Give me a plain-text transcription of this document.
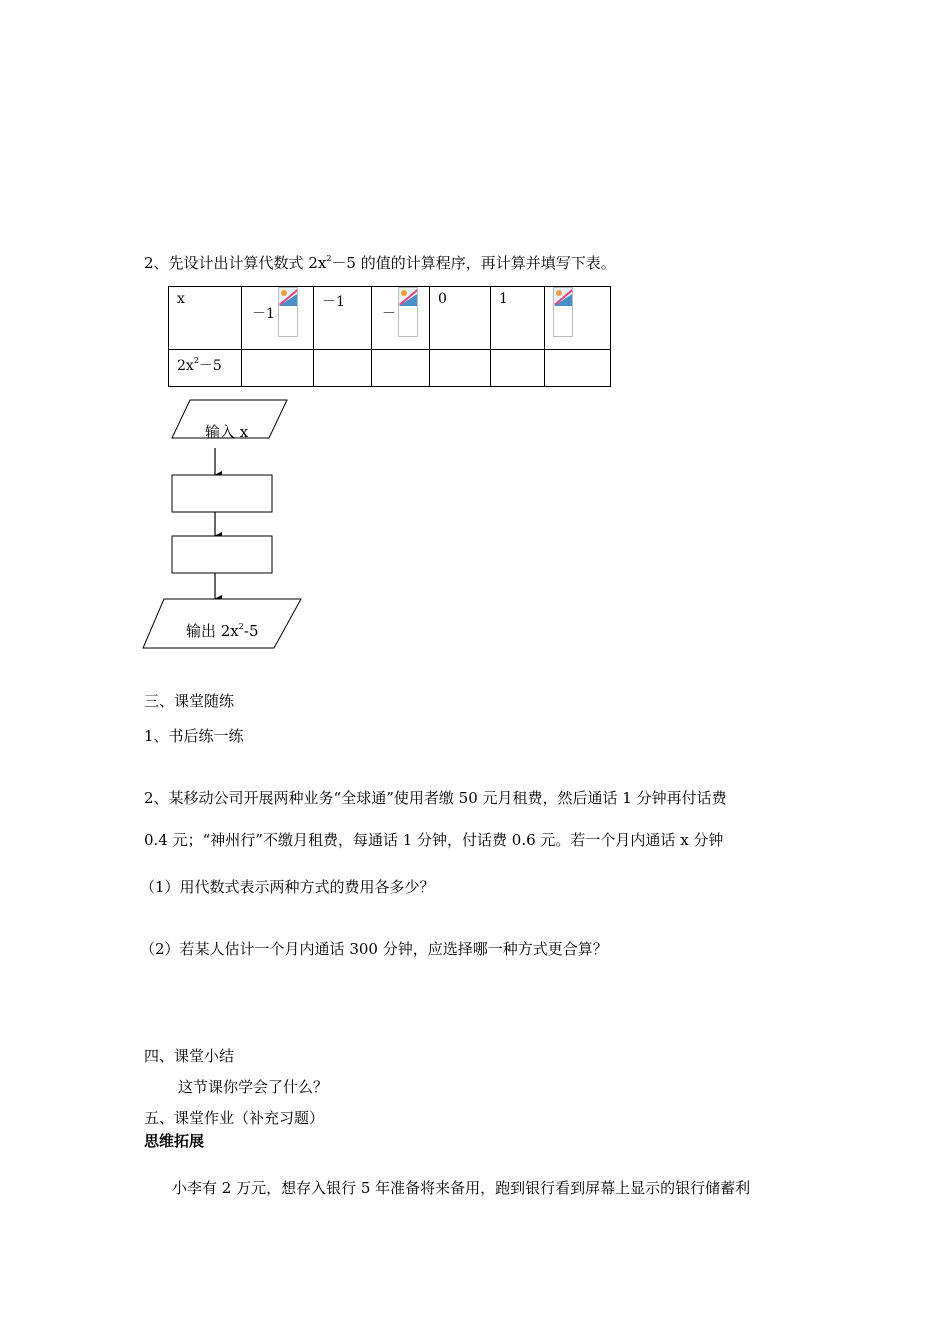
2、先设计出计算代数式 $2x^2-5$ 的值的计算程序，再计算并填写下表。
x	－1	－1	－	0	1	

$2x^2-5$						

输入 x
输出 $2x^2-5$
三、课堂随练
1、书后练一练
2、某移动公司开展两种业务“全球通”使用者缴 50 元月租费，然后通话 1 分钟再付话费
0.4 元；“神州行”不缴月租费，每通话 1 分钟，付话费 0.6 元。若一个月内通话 x 分钟
（1）用代数式表示两种方式的费用各多少？
（2）若某人估计一个月内通话 300 分钟，应选择哪一种方式更合算？
四、课堂小结
这节课你学会了什么？
五、课堂作业（补充习题）
思维拓展
小李有 2 万元，想存入银行 5 年准备将来备用，跑到银行看到屏幕上显示的银行储蓄利
